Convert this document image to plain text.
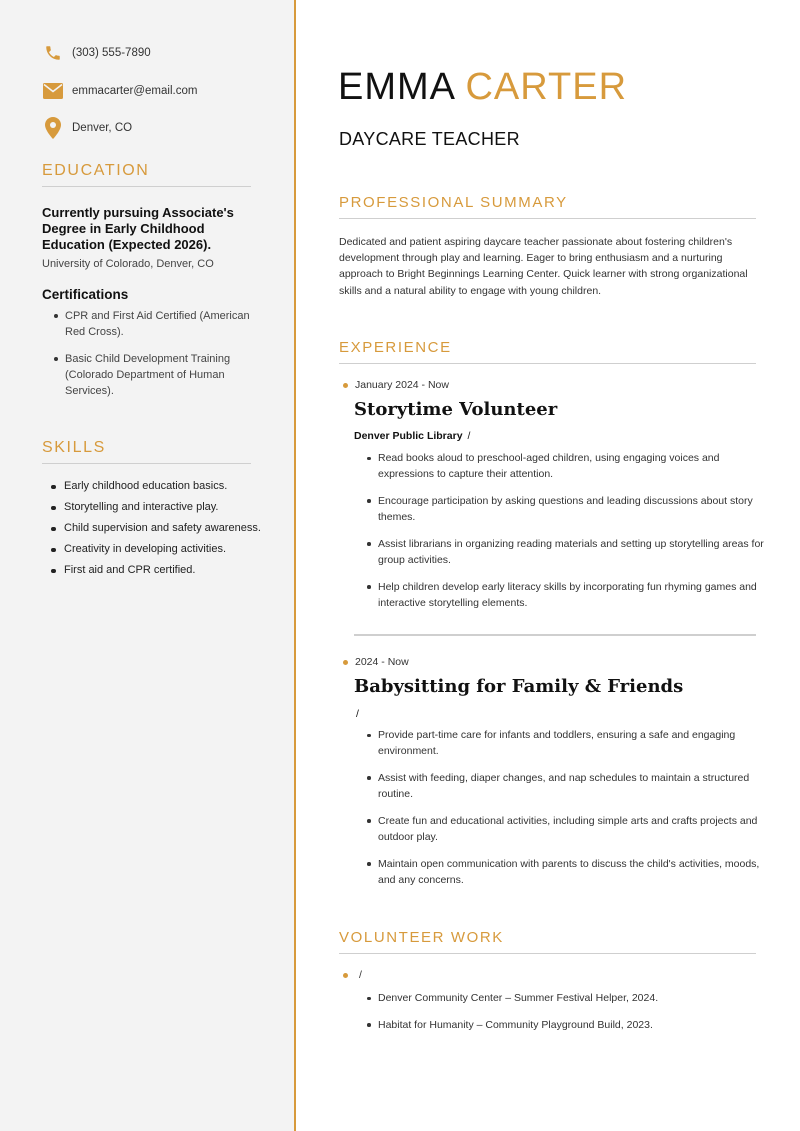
(303) 555-7890
emmacarter@email.com
Denver, CO
EDUCATION
Currently pursuing Associate's Degree in Early Childhood Education (Expected 2026).
University of Colorado, Denver, CO
Certifications
CPR and First Aid Certified (American Red Cross).
Basic Child Development Training (Colorado Department of Human Services).
SKILLS
Early childhood education basics.
Storytelling and interactive play.
Child supervision and safety awareness.
Creativity in developing activities.
First aid and CPR certified.
EMMA CARTER
DAYCARE TEACHER
PROFESSIONAL SUMMARY
Dedicated and patient aspiring daycare teacher passionate about fostering children's development through play and learning. Eager to bring enthusiasm and a nurturing approach to Bright Beginnings Learning Center. Quick learner with strong organizational skills and a natural ability to engage with young children.
EXPERIENCE
January 2024 - Now
Storytime Volunteer
Denver Public Library /
Read books aloud to preschool-aged children, using engaging voices and expressions to capture their attention.
Encourage participation by asking questions and leading discussions about story themes.
Assist librarians in organizing reading materials and setting up storytelling areas for group activities.
Help children develop early literacy skills by incorporating fun rhyming games and interactive storytelling elements.
2024 - Now
Babysitting for Family & Friends
/
Provide part-time care for infants and toddlers, ensuring a safe and engaging environment.
Assist with feeding, diaper changes, and nap schedules to maintain a structured routine.
Create fun and educational activities, including simple arts and crafts projects and outdoor play.
Maintain open communication with parents to discuss the child's activities, moods, and any concerns.
VOLUNTEER WORK
/
Denver Community Center – Summer Festival Helper, 2024.
Habitat for Humanity – Community Playground Build, 2023.
